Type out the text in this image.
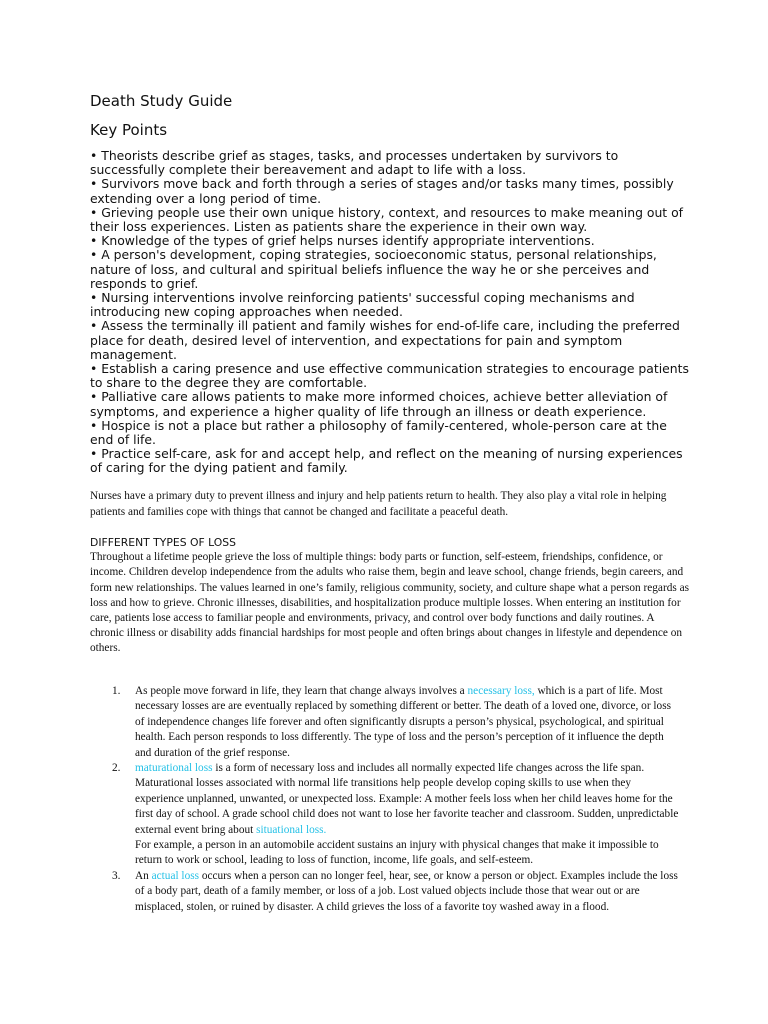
Death Study Guide
Key Points
• Theorists describe grief as stages, tasks, and processes undertaken by survivors to successfully complete their bereavement and adapt to life with a loss.
• Survivors move back and forth through a series of stages and/or tasks many times, possibly extending over a long period of time.
• Grieving people use their own unique history, context, and resources to make meaning out of their loss experiences. Listen as patients share the experience in their own way.
• Knowledge of the types of grief helps nurses identify appropriate interventions.
• A person's development, coping strategies, socioeconomic status, personal relationships, nature of loss, and cultural and spiritual beliefs influence the way he or she perceives and responds to grief.
• Nursing interventions involve reinforcing patients' successful coping mechanisms and introducing new coping approaches when needed.
• Assess the terminally ill patient and family wishes for end-of-life care, including the preferred place for death, desired level of intervention, and expectations for pain and symptom management.
• Establish a caring presence and use effective communication strategies to encourage patients to share to the degree they are comfortable.
• Palliative care allows patients to make more informed choices, achieve better alleviation of symptoms, and experience a higher quality of life through an illness or death experience.
• Hospice is not a place but rather a philosophy of family-centered, whole-person care at the end of life.
• Practice self-care, ask for and accept help, and reflect on the meaning of nursing experiences of caring for the dying patient and family.
Nurses have a primary duty to prevent illness and injury and help patients return to health. They also play a vital role in helping patients and families cope with things that cannot be changed and facilitate a peaceful death.
DIFFERENT TYPES OF LOSS
Throughout a lifetime people grieve the loss of multiple things: body parts or function, self-esteem, friendships, confidence, or income. Children develop independence from the adults who raise them, begin and leave school, change friends, begin careers, and form new relationships. The values learned in one’s family, religious community, society, and culture shape what a person regards as loss and how to grieve. Chronic illnesses, disabilities, and hospitalization produce multiple losses. When entering an institution for care, patients lose access to familiar people and environments, privacy, and control over body functions and daily routines. A chronic illness or disability adds financial hardships for most people and often brings about changes in lifestyle and dependence on others.
1. As people move forward in life, they learn that change always involves a necessary loss, which is a part of life. Most necessary losses are are eventually replaced by something different or better. The death of a loved one, divorce, or loss of independence changes life forever and often significantly disrupts a person’s physical, psychological, and spiritual health. Each person responds to loss differently. The type of loss and the person’s perception of it influence the depth and duration of the grief response.
2. maturational loss is a form of necessary loss and includes all normally expected life changes across the life span. Maturational losses associated with normal life transitions help people develop coping skills to use when they experience unplanned, unwanted, or unexpected loss. Example: A mother feels loss when her child leaves home for the first day of school. A grade school child does not want to lose her favorite teacher and classroom. Sudden, unpredictable external event bring about situational loss.
For example, a person in an automobile accident sustains an injury with physical changes that make it impossible to return to work or school, leading to loss of function, income, life goals, and self-esteem.
3. An actual loss occurs when a person can no longer feel, hear, see, or know a person or object. Examples include the loss of a body part, death of a family member, or loss of a job. Lost valued objects include those that wear out or are misplaced, stolen, or ruined by disaster. A child grieves the loss of a favorite toy washed away in a flood.
